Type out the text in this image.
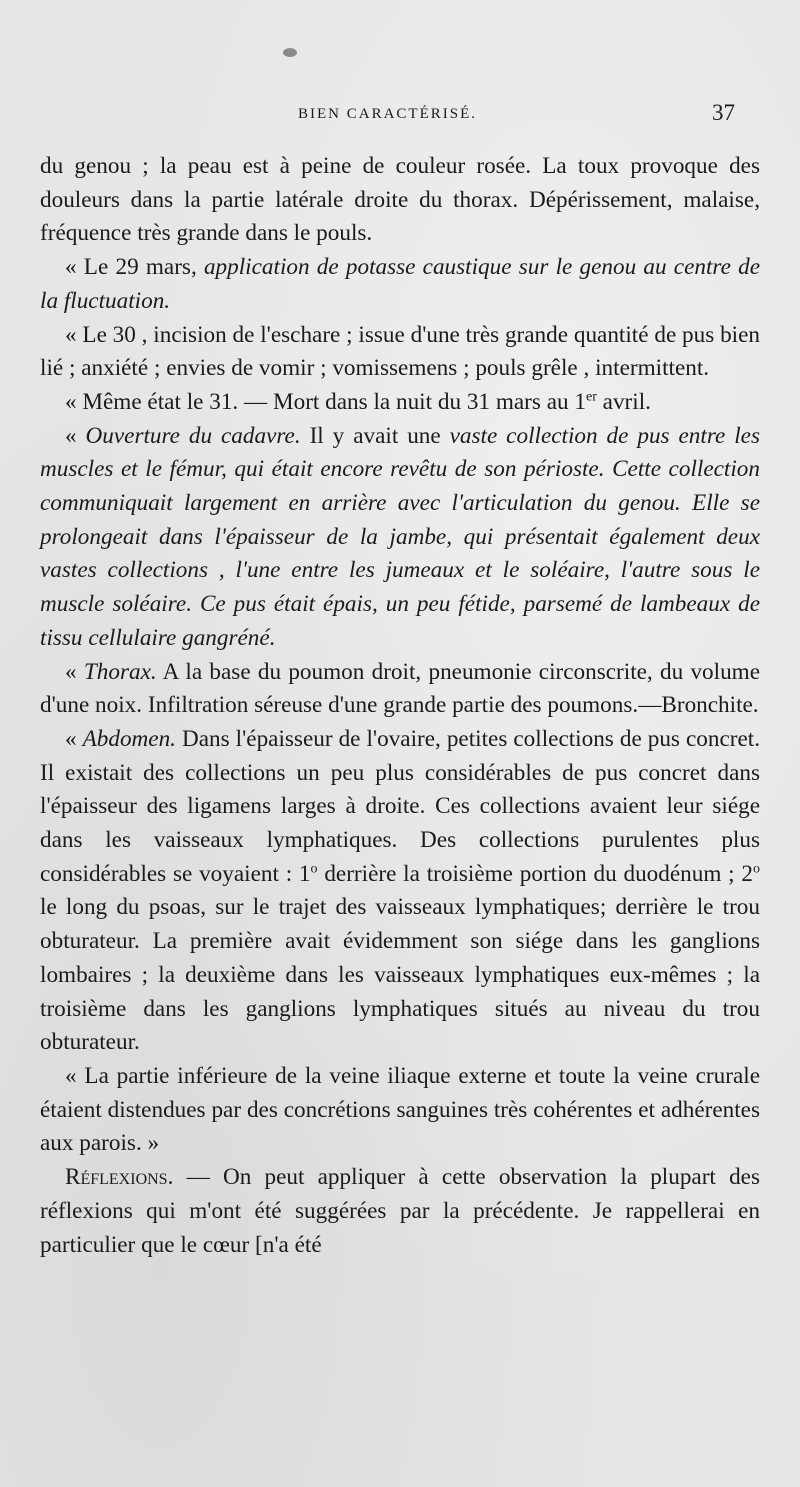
BIEN CARACTÉRISÉ.	37

du genou ; la peau est à peine de couleur rosée. La toux provoque des douleurs dans la partie latérale droite du thorax. Dépérissement, malaise, fréquence très grande dans le pouls.

« Le 29 mars, application de potasse caustique sur le genou au centre de la fluctuation.

« Le 30 , incision de l'eschare ; issue d'une très grande quantité de pus bien lié ; anxiété ; envies de vomir ; vomissemens ; pouls grêle , intermittent.

« Même état le 31. — Mort dans la nuit du 31 mars au 1er avril.

« Ouverture du cadavre. Il y avait une vaste collection de pus entre les muscles et le fémur, qui était encore revêtu de son périoste. Cette collection communiquait largement en arrière avec l'articulation du genou. Elle se prolongeait dans l'épaisseur de la jambe, qui présentait également deux vastes collections , l'une entre les jumeaux et le soléaire, l'autre sous le muscle soléaire. Ce pus était épais, un peu fétide, parsemé de lambeaux de tissu cellulaire gangréné.

« Thorax. A la base du poumon droit, pneumonie circonscrite, du volume d'une noix. Infiltration séreuse d'une grande partie des poumons.—Bronchite.

« Abdomen. Dans l'épaisseur de l'ovaire, petites collections de pus concret. Il existait des collections un peu plus considérables de pus concret dans l'épaisseur des ligamens larges à droite. Ces collections avaient leur siége dans les vaisseaux lymphatiques. Des collections purulentes plus considérables se voyaient : 1$^o$ derrière la troisième portion du duodénum ; 2$^o$ le long du psoas, sur le trajet des vaisseaux lymphatiques; derrière le trou obturateur. La première avait évidemment son siége dans les ganglions lombaires ; la deuxième dans les vaisseaux lymphatiques eux-mêmes ; la troisième dans les ganglions lymphatiques situés au niveau du trou obturateur.

« La partie inférieure de la veine iliaque externe et toute la veine crurale étaient distendues par des concrétions sanguines très cohérentes et adhérentes aux parois. »

Réflexions. — On peut appliquer à cette observation la plupart des réflexions qui m'ont été suggérées par la précédente. Je rappellerai en particulier que le cœur [n'a été
